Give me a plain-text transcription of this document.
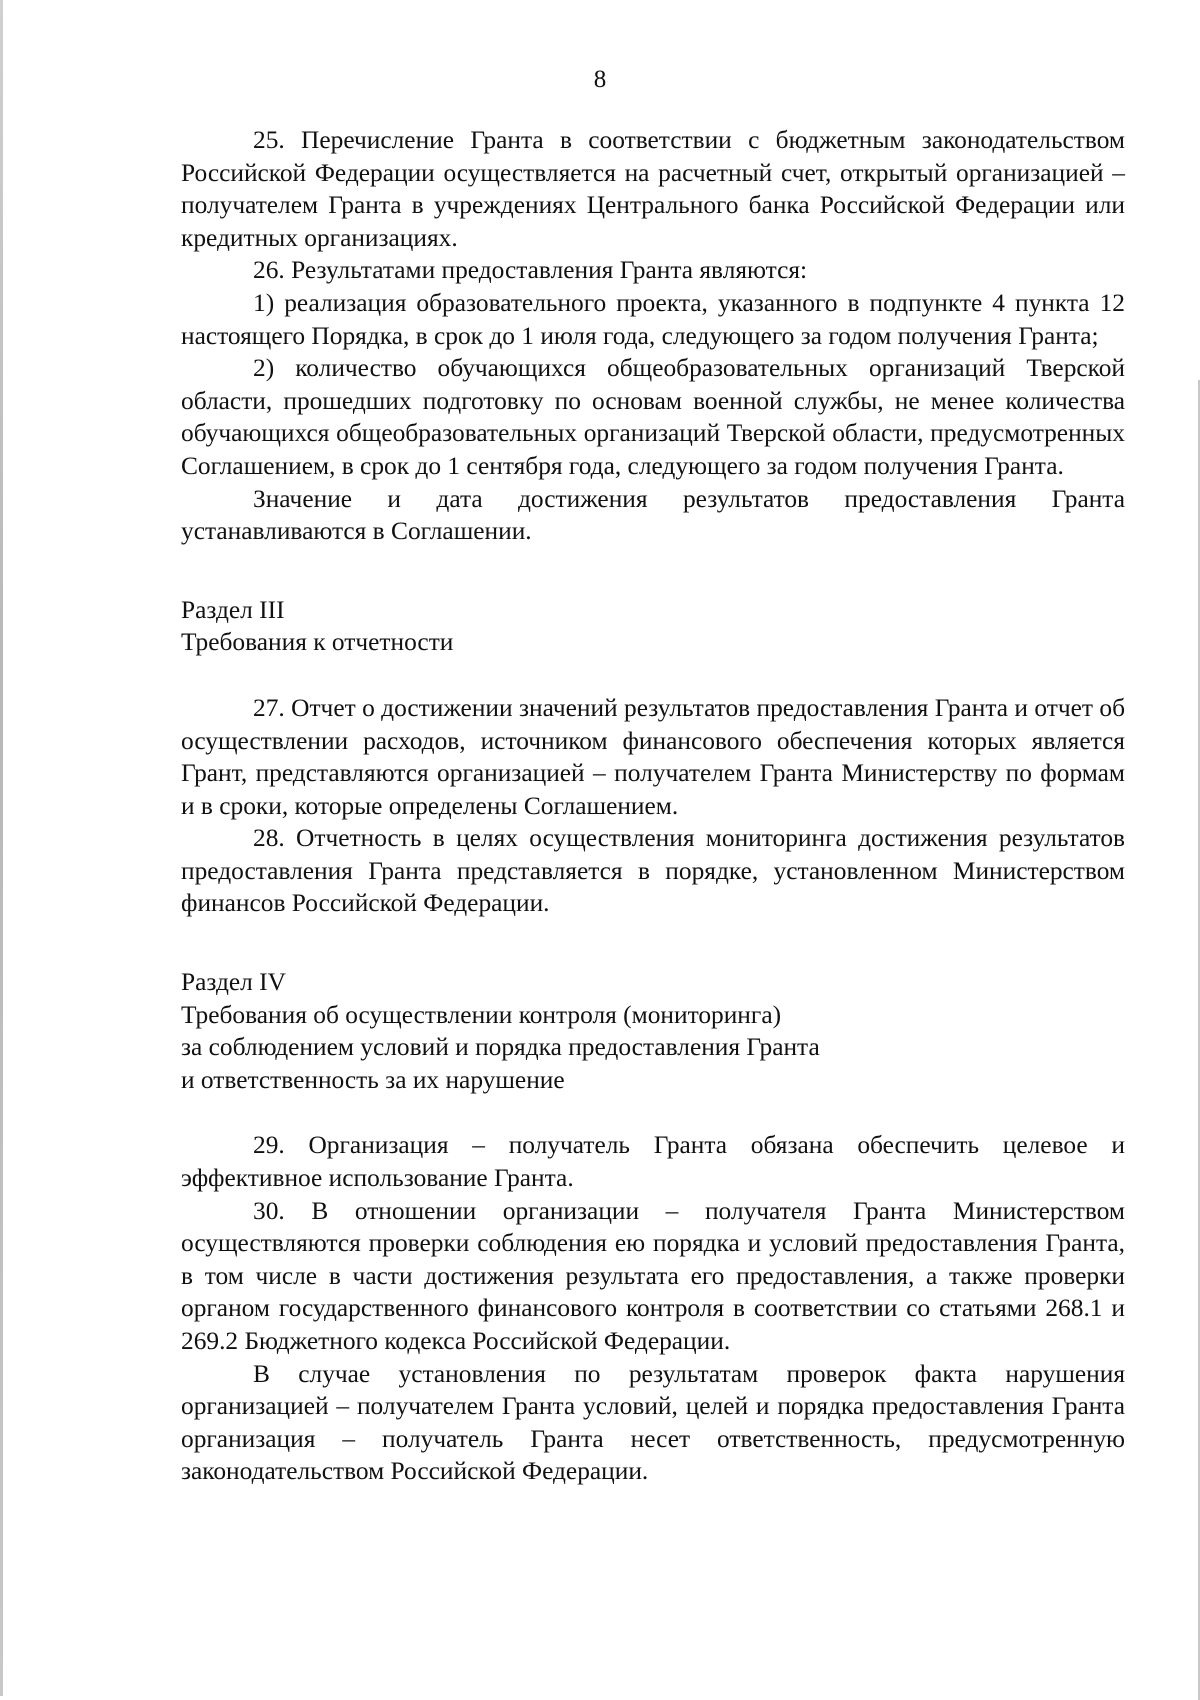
8

25. Перечисление Гранта в соответствии с бюджетным законодательством Российской Федерации осуществляется на расчетный счет, открытый организацией – получателем Гранта в учреждениях Центрального банка Российской Федерации или кредитных организациях.

26. Результатами предоставления Гранта являются:

1) реализация образовательного проекта, указанного в подпункте 4 пункта 12 настоящего Порядка, в срок до 1 июля года, следующего за годом получения Гранта;

2) количество обучающихся общеобразовательных организаций Тверской области, прошедших подготовку по основам военной службы, не менее количества обучающихся общеобразовательных организаций Тверской области, предусмотренных Соглашением, в срок до 1 сентября года, следующего за годом получения Гранта.

Значение и дата достижения результатов предоставления Гранта устанавливаются в Соглашении.

Раздел III

Требования к отчетности

27. Отчет о достижении значений результатов предоставления Гранта и отчет об осуществлении расходов, источником финансового обеспечения которых является Грант, представляются организацией – получателем Гранта Министерству по формам и в сроки, которые определены Соглашением.

28. Отчетность в целях осуществления мониторинга достижения результатов предоставления Гранта представляется в порядке, установленном Министерством финансов Российской Федерации.

Раздел IV

Требования об осуществлении контроля (мониторинга)

за соблюдением условий и порядка предоставления Гранта

и ответственность за их нарушение

29. Организация – получатель Гранта обязана обеспечить целевое и эффективное использование Гранта.

30. В отношении организации – получателя Гранта Министерством осуществляются проверки соблюдения ею порядка и условий предоставления Гранта, в том числе в части достижения результата его предоставления, а также проверки органом государственного финансового контроля в соответствии со статьями 268.1 и 269.2 Бюджетного кодекса Российской Федерации.

В случае установления по результатам проверок факта нарушения организацией – получателем Гранта условий, целей и порядка предоставления Гранта организация – получатель Гранта несет ответственность, предусмотренную законодательством Российской Федерации.
